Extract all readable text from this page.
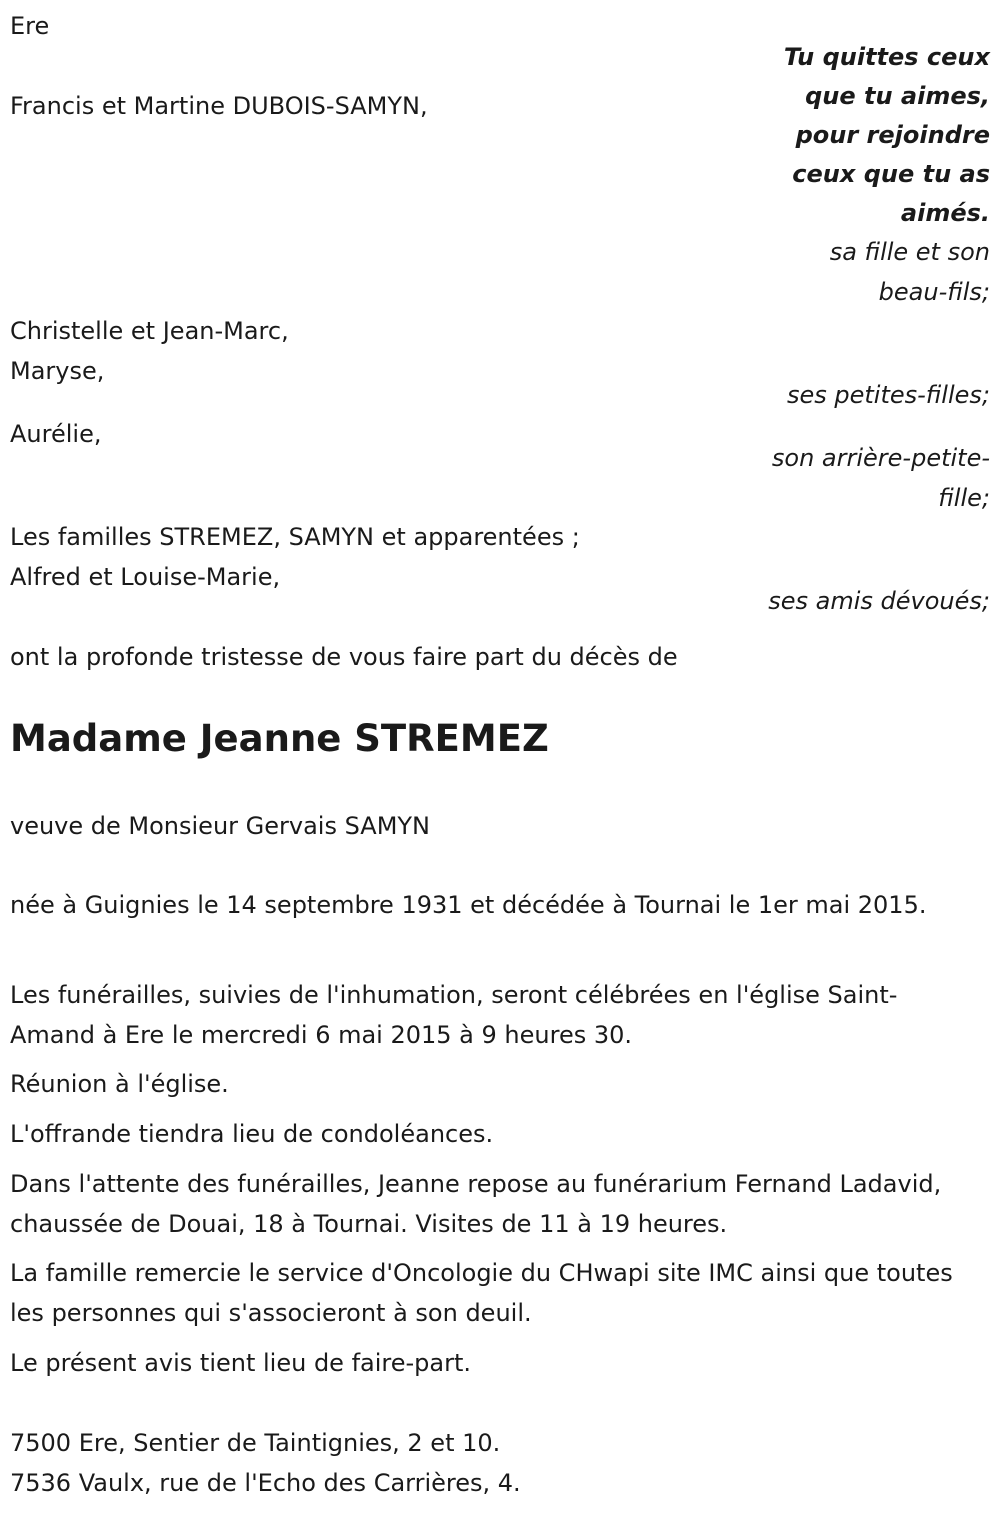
Ere
Tu quittes ceux
que tu aimes,
pour rejoindre
ceux que tu as
aimés.
Francis et Martine DUBOIS-SAMYN,
sa fille et son
beau-fils;
Christelle et Jean-Marc,
Maryse,
ses petites-filles;
Aurélie,
son arrière-petite-
fille;
Les familles STREMEZ, SAMYN et apparentées ;
Alfred et Louise-Marie,
ses amis dévoués;
ont la profonde tristesse de vous faire part du décès de
Madame Jeanne STREMEZ
veuve de Monsieur Gervais SAMYN
née à Guignies le 14 septembre 1931 et décédée à Tournai le 1er mai 2015.
Les funérailles, suivies de l'inhumation, seront célébrées en l'église Saint-Amand à Ere le mercredi 6 mai 2015 à 9 heures 30.
Réunion à l'église.
L'offrande tiendra lieu de condoléances.
Dans l'attente des funérailles, Jeanne repose au funérarium Fernand Ladavid, chaussée de Douai, 18 à Tournai. Visites de 11 à 19 heures.
La famille remercie le service d'Oncologie du CHwapi site IMC ainsi que toutes les personnes qui s'associeront à son deuil.
Le présent avis tient lieu de faire-part.
7500 Ere, Sentier de Taintignies, 2 et 10.
7536 Vaulx, rue de l'Echo des Carrières, 4.
